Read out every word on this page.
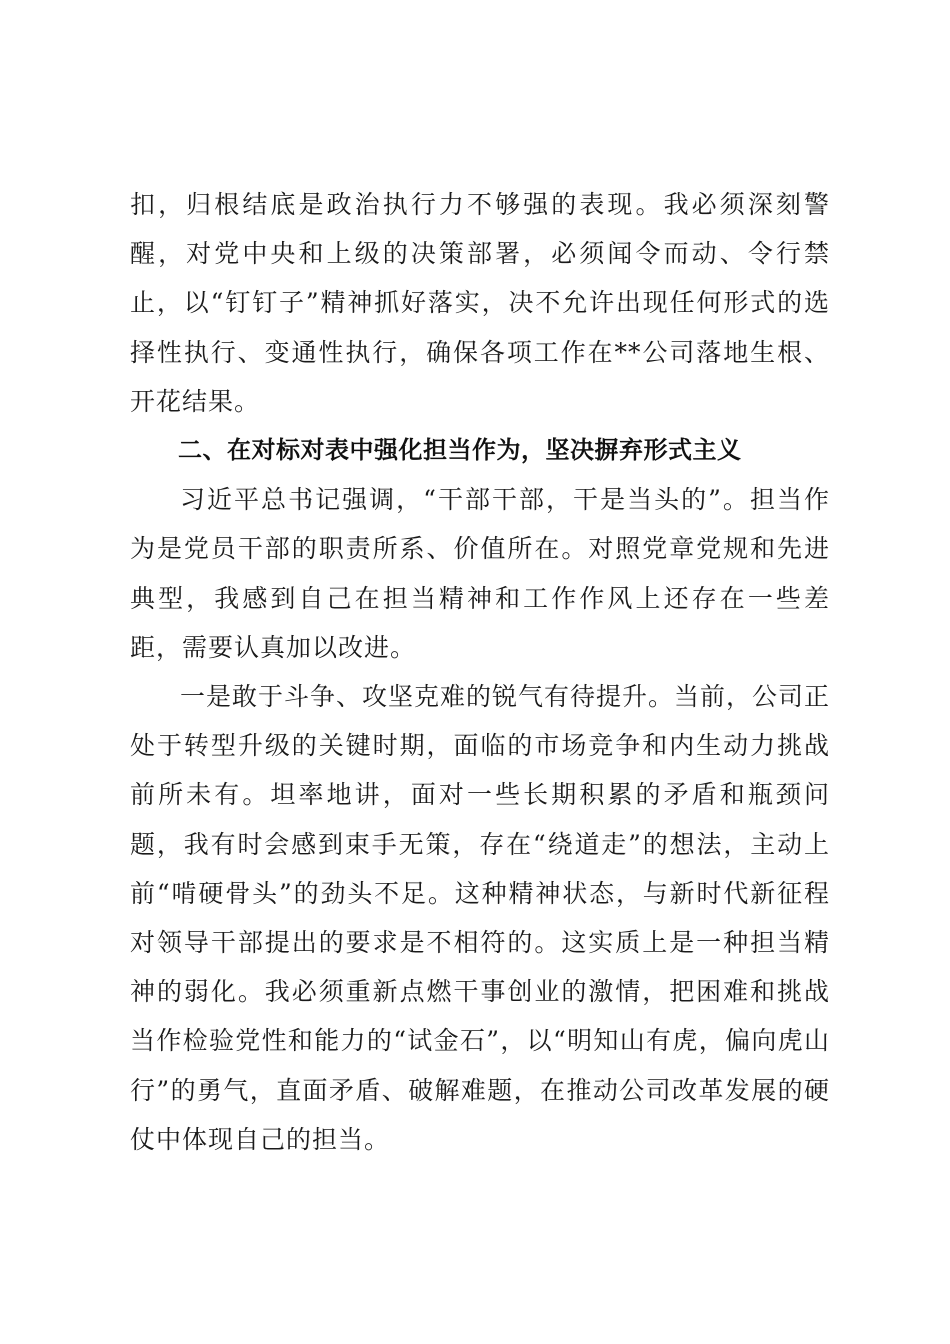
扣，归根结底是政治执行力不够强的表现。我必须深刻警醒，对党中央和上级的决策部署，必须闻令而动、令行禁止，以“钉钉子”精神抓好落实，决不允许出现任何形式的选择性执行、变通性执行，确保各项工作在**公司落地生根、开花结果。

二、在对标对表中强化担当作为，坚决摒弃形式主义

习近平总书记强调，“干部干部，干是当头的”。担当作为是党员干部的职责所系、价值所在。对照党章党规和先进典型，我感到自己在担当精神和工作作风上还存在一些差距，需要认真加以改进。

一是敢于斗争、攻坚克难的锐气有待提升。当前，公司正处于转型升级的关键时期，面临的市场竞争和内生动力挑战前所未有。坦率地讲，面对一些长期积累的矛盾和瓶颈问题，我有时会感到束手无策，存在“绕道走”的想法，主动上前“啃硬骨头”的劲头不足。这种精神状态，与新时代新征程对领导干部提出的要求是不相符的。这实质上是一种担当精神的弱化。我必须重新点燃干事创业的激情，把困难和挑战当作检验党性和能力的“试金石”，以“明知山有虎，偏向虎山行”的勇气，直面矛盾、破解难题，在推动公司改革发展的硬仗中体现自己的担当。
